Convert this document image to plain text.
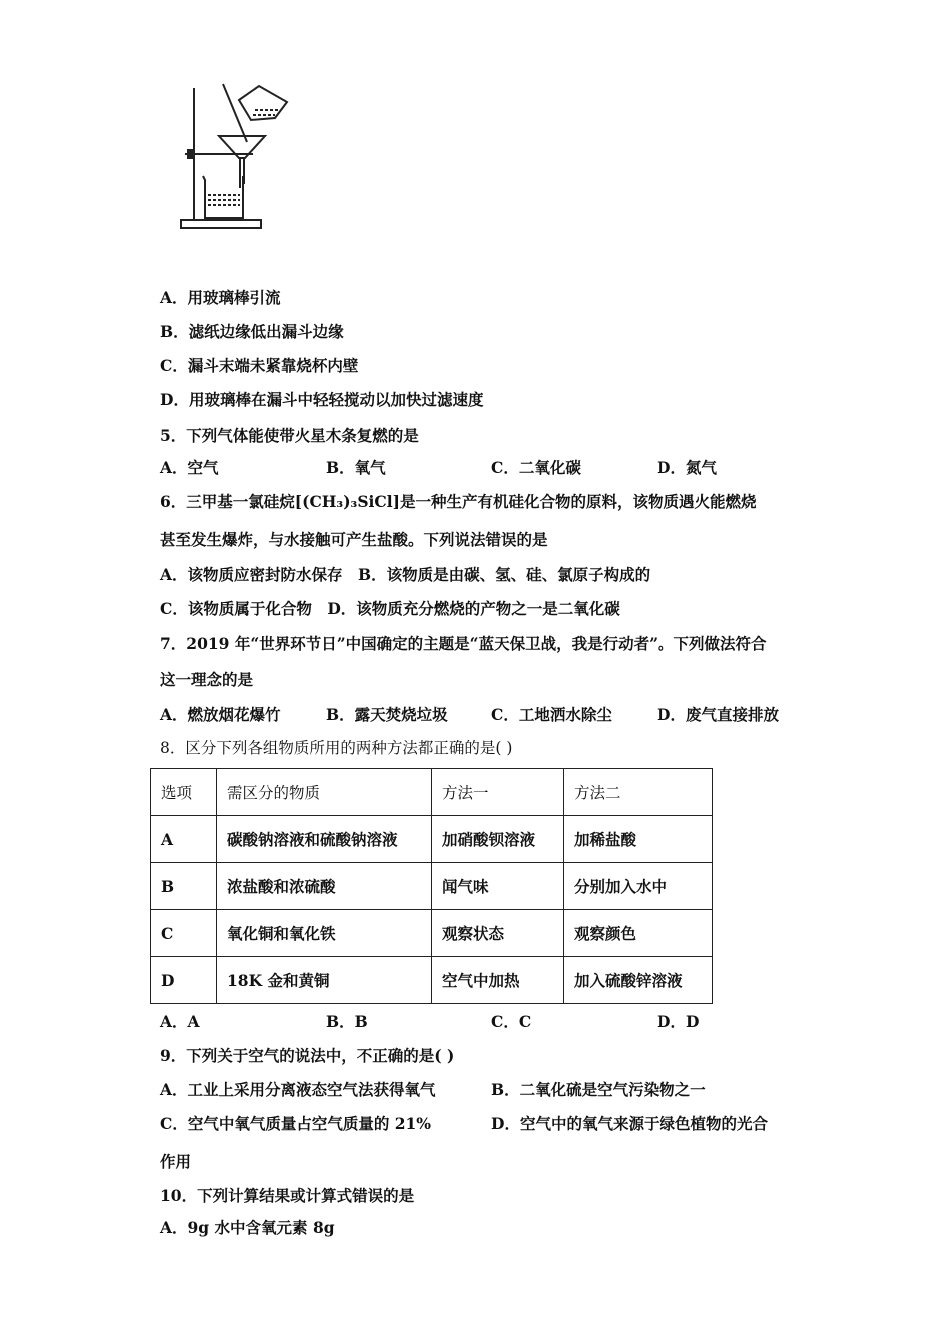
A．用玻璃棒引流
B．滤纸边缘低出漏斗边缘
C．漏斗末端未紧靠烧杯内壁
D．用玻璃棒在漏斗中轻轻搅动以加快过滤速度
5．下列气体能使带火星木条复燃的是
A．空气	B．氧气	C．二氧化碳	D．氮气
6．三甲基一氯硅烷[(CH₃)₃SiCl]是一种生产有机硅化合物的原料，该物质遇火能燃烧
甚至发生爆炸，与水接触可产生盐酸。下列说法错误的是
A．该物质应密封防水保存　B．该物质是由碳、氢、硅、氯原子构成的
C．该物质属于化合物　D．该物质充分燃烧的产物之一是二氧化碳
7．2019 年“世界环节日”中国确定的主题是“蓝天保卫战，我是行动者”。下列做法符合
这一理念的是
A．燃放烟花爆竹	B．露天焚烧垃圾	C．工地洒水除尘	D．废气直接排放
8．区分下列各组物质所用的两种方法都正确的是( )
选项	需区分的物质	方法一	方法二
A	碳酸钠溶液和硫酸钠溶液	加硝酸钡溶液	加稀盐酸
B	浓盐酸和浓硫酸	闻气味	分别加入水中
C	氧化铜和氧化铁	观察状态	观察颜色
D	18K 金和黄铜	空气中加热	加入硫酸锌溶液
A．A	B．B	C．C	D．D
9．下列关于空气的说法中，不正确的是( )
A．工业上采用分离液态空气法获得氧气	B．二氧化硫是空气污染物之一
C．空气中氧气质量占空气质量的 21%	D．空气中的氧气来源于绿色植物的光合
作用
10．下列计算结果或计算式错误的是
A．9g 水中含氧元素 8g
